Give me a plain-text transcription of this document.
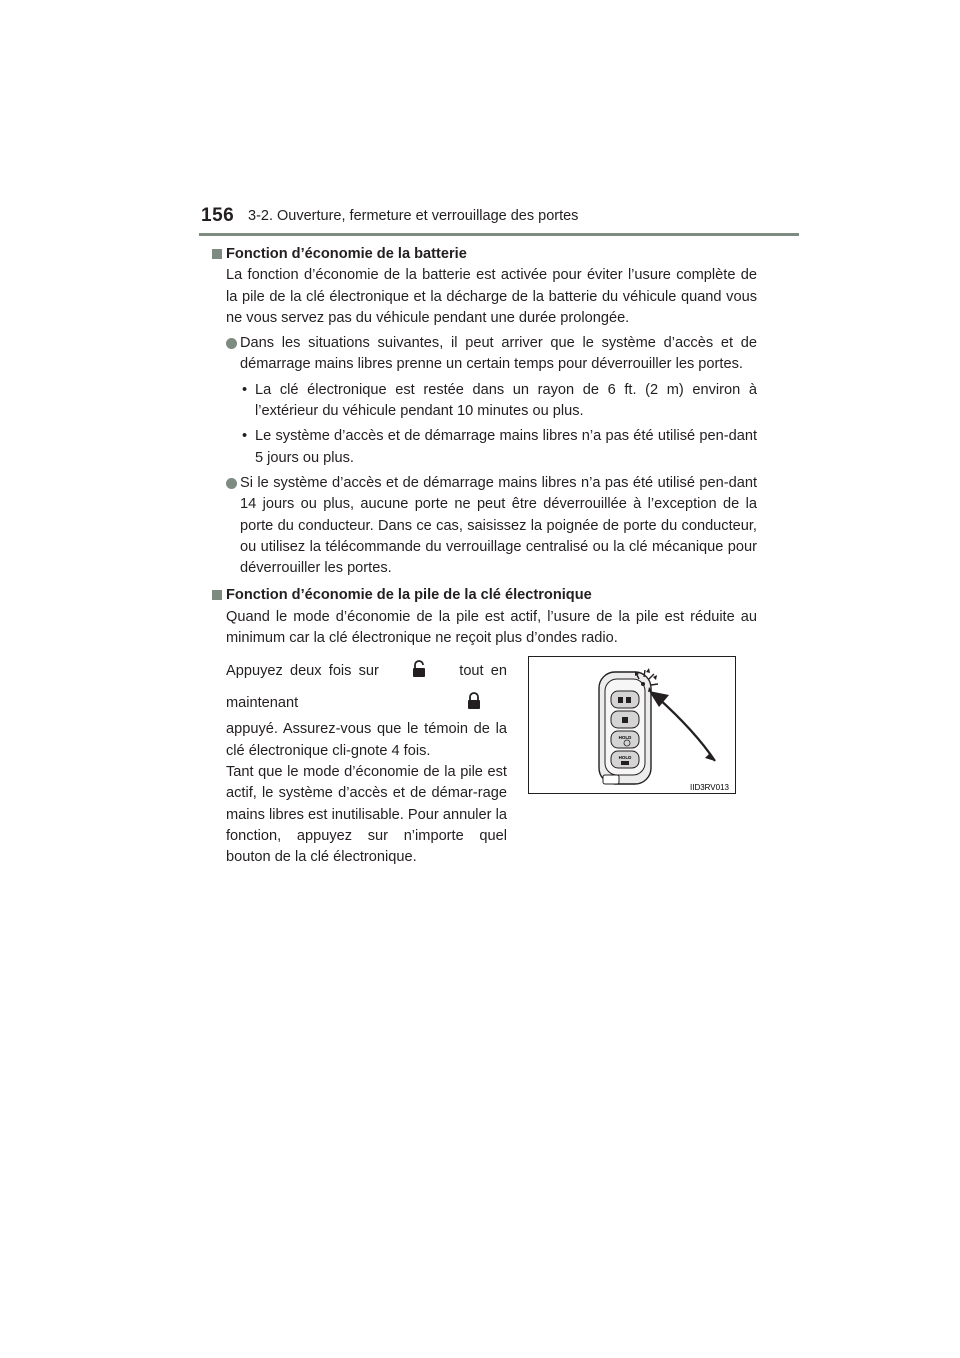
156 3-2. Ouverture, fermeture et verrouillage des portes

Fonction d’économie de la batterie

La fonction d’économie de la batterie est activée pour éviter l’usure complète de la pile de la clé électronique et la décharge de la batterie du véhicule quand vous ne vous servez pas du véhicule pendant une durée prolongée.

Dans les situations suivantes, il peut arriver que le système d’accès et de démarrage mains libres prenne un certain temps pour déverrouiller les portes.

• La clé électronique est restée dans un rayon de 6 ft. (2 m) environ à l’extérieur du véhicule pendant 10 minutes ou plus.

• Le système d’accès et de démarrage mains libres n’a pas été utilisé pen-dant 5 jours ou plus.

Si le système d’accès et de démarrage mains libres n’a pas été utilisé pen-dant 14 jours ou plus, aucune porte ne peut être déverrouillée à l’exception de la porte du conducteur. Dans ce cas, saisissez la poignée de porte du conducteur, ou utilisez la télécommande du verrouillage centralisé ou la clé mécanique pour déverrouiller les portes.

Fonction d’économie de la pile de la clé électronique

Quand le mode d’économie de la pile est actif, l’usure de la pile est réduite au minimum car la clé électronique ne reçoit plus d’ondes radio.

Appuyez deux fois sur	tout en maintenant
appuyé. Assurez-vous que le témoin de la clé électronique cli-gnote 4 fois.
Tant que le mode d’économie de la pile est actif, le système d’accès et de démar-rage mains libres est inutilisable. Pour annuler la fonction, appuyez sur n’importe quel bouton de la clé électronique.
HOLD
HOLD
IID3RV013
